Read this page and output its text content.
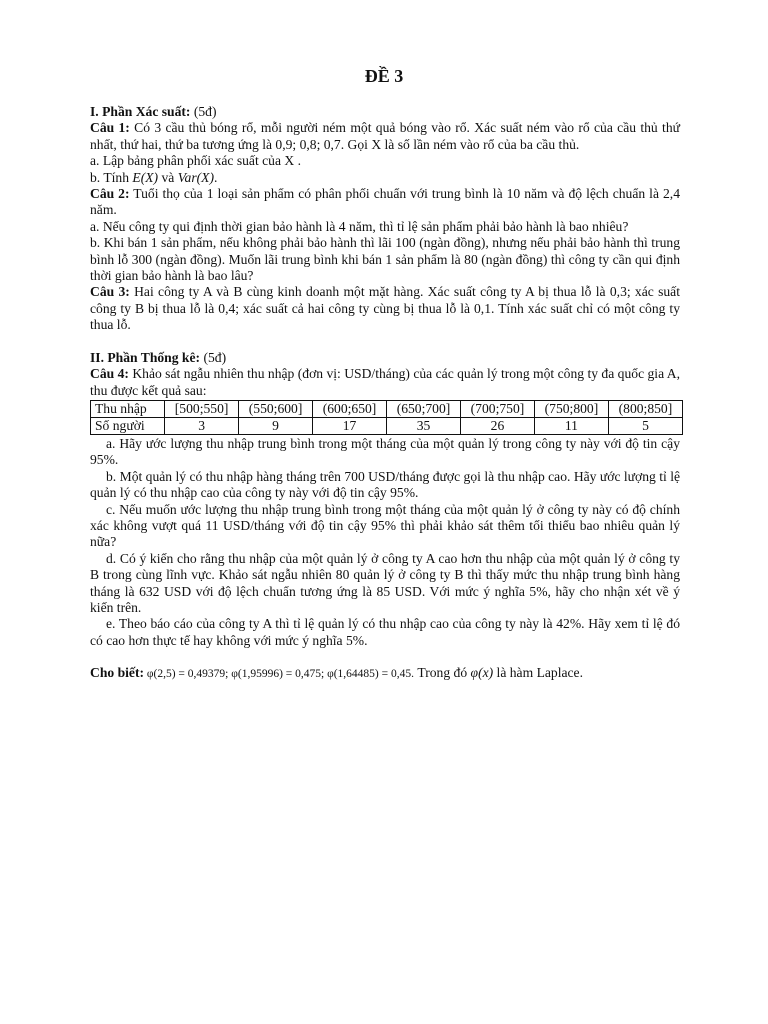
ĐỀ 3

I. Phần Xác suất: (5đ)

Câu 1: Có 3 cầu thủ bóng rổ, mỗi người ném một quả bóng vào rổ. Xác suất ném vào rổ của cầu thủ thứ nhất, thứ hai, thứ ba tương ứng là 0,9; 0,8; 0,7. Gọi X là số lần ném vào rổ của ba cầu thủ.

a. Lập bảng phân phối xác suất của X .

b. Tính E(X) và Var(X).

Câu 2: Tuổi thọ của 1 loại sản phẩm có phân phối chuẩn với trung bình là 10 năm và độ lệch chuẩn là 2,4 năm.

a. Nếu công ty qui định thời gian bảo hành là 4 năm, thì tỉ lệ sản phẩm phải bảo hành là bao nhiêu?

b. Khi bán 1 sản phẩm, nếu không phải bảo hành thì lãi 100 (ngàn đồng), nhưng nếu phải bảo hành thì trung bình lỗ 300 (ngàn đồng). Muốn lãi trung bình khi bán 1 sản phẩm là 80 (ngàn đồng) thì công ty cần qui định thời gian bảo hành là bao lâu?

Câu 3: Hai công ty A và B cùng kinh doanh một mặt hàng. Xác suất công ty A bị thua lỗ là 0,3; xác suất công ty B bị thua lỗ là 0,4; xác suất cả hai công ty cùng bị thua lỗ là 0,1. Tính xác suất chỉ có một công ty thua lỗ.

II. Phần Thống kê: (5đ)

Câu 4: Khảo sát ngẫu nhiên thu nhập (đơn vị: USD/tháng) của các quản lý trong một công ty đa quốc gia A, thu được kết quả sau:

Thu nhập	[500;550]	(550;600]	(600;650]	(650;700]	(700;750]	(750;800]	(800;850]
Số người	3	9	17	35	26	11	5

a. Hãy ước lượng thu nhập trung bình trong một tháng của một quản lý trong công ty này với độ tin cậy 95%.

b. Một quản lý có thu nhập hàng tháng trên 700 USD/tháng được gọi là thu nhập cao. Hãy ước lượng tỉ lệ quản lý có thu nhập cao của công ty này với độ tin cậy 95%.

c. Nếu muốn ước lượng thu nhập trung bình trong một tháng của một quản lý ở công ty này có độ chính xác không vượt quá 11 USD/tháng với độ tin cậy 95% thì phải khảo sát thêm tối thiểu bao nhiêu quản lý nữa?

d. Có ý kiến cho rằng thu nhập của một quản lý ở công ty A cao hơn thu nhập của một quản lý ở công ty B trong cùng lĩnh vực. Khảo sát ngẫu nhiên 80 quản lý ở công ty B thì thấy mức thu nhập trung bình hàng tháng là 632 USD với độ lệch chuẩn tương ứng là 85 USD. Với mức ý nghĩa 5%, hãy cho nhận xét về ý kiến trên.

e. Theo báo cáo của công ty A thì tỉ lệ quản lý có thu nhập cao của công ty này là 42%. Hãy xem tỉ lệ đó có cao hơn thực tế hay không với mức ý nghĩa 5%.

Cho biết: φ(2,5) = 0,49379; φ(1,95996) = 0,475; φ(1,64485) = 0,45. Trong đó φ(x) là hàm Laplace.
